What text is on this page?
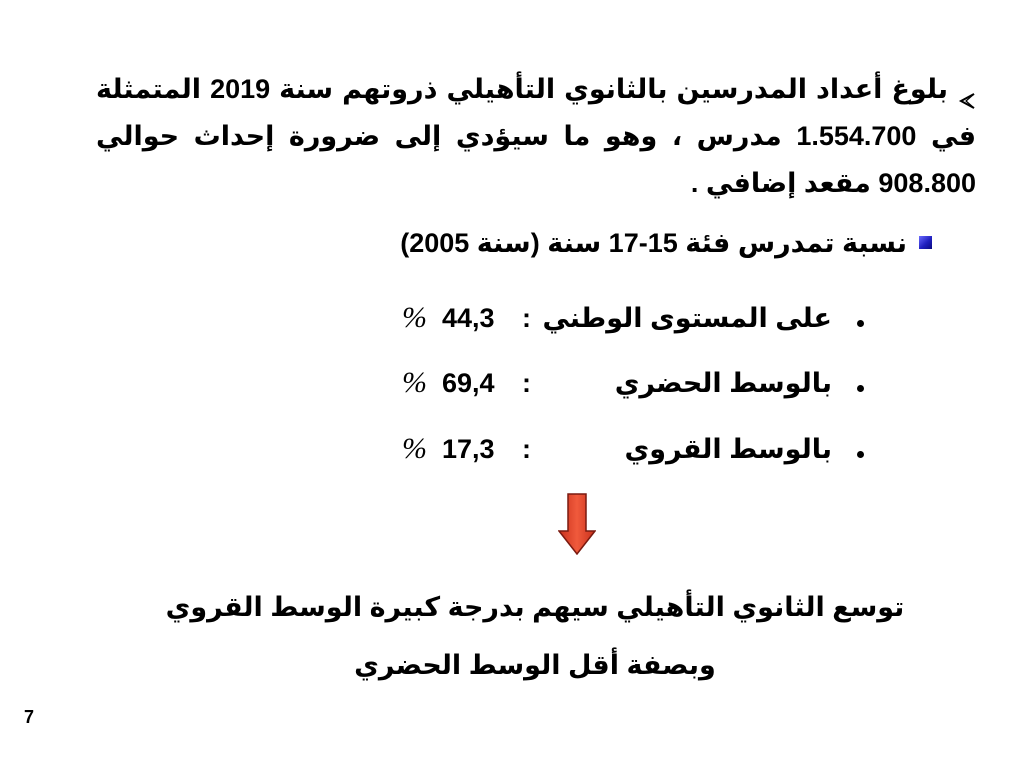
بلوغ أعداد المدرسين بالثانوي التأهيلي ذروتهم سنة 2019 المتمثلة في 1.554.700 مدرس ، وهو ما سيؤدي إلى ضرورة إحداث حوالي 908.800 مقعد إضافي .
نسبة تمدرس فئة 15-17 سنة (سنة 2005)
على المستوى الوطني
:
44,3
%
بالوسط الحضري
:
69,4
%
بالوسط القروي
:
17,3
%
توسع الثانوي التأهيلي سيهم بدرجة كبيرة الوسط القروي
وبصفة أقل الوسط الحضري
7
